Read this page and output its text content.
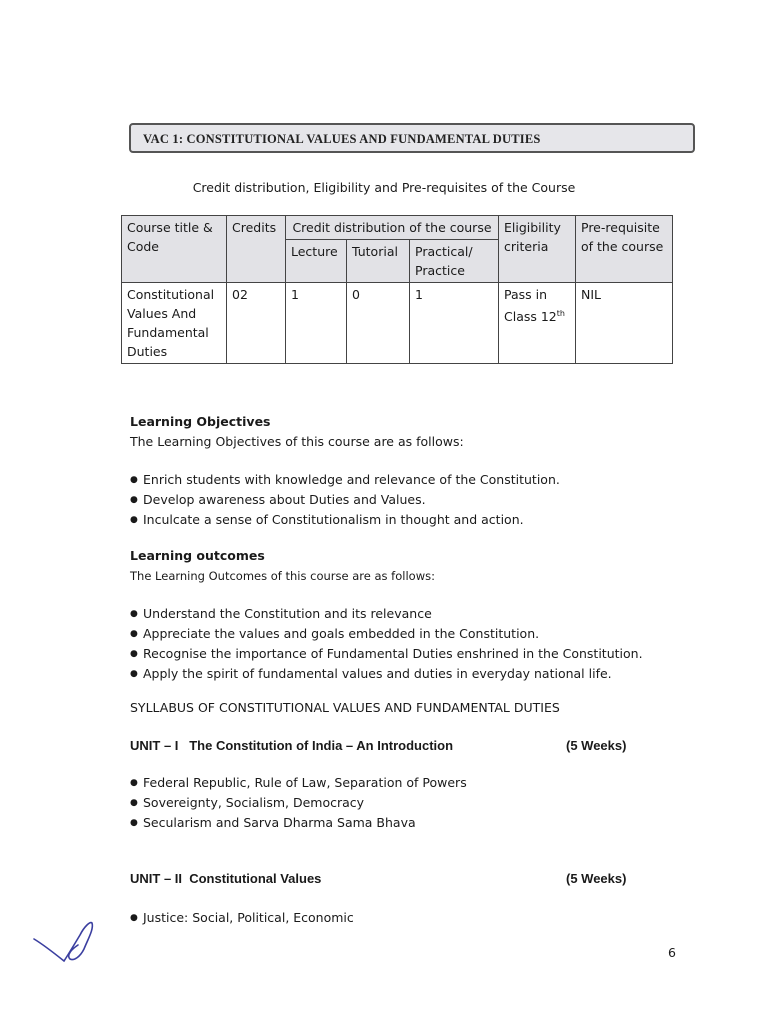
VAC 1: CONSTITUTIONAL VALUES AND FUNDAMENTAL DUTIES
Credit distribution, Eligibility and Pre-requisites of the Course
Course title & Code	Credits	Credit distribution of the course			Eligibility criteria	Pre-requisite of the course
		Lecture	Tutorial	Practical/ Practice		
Constitutional Values And Fundamental Duties	02	1	0	1	Pass in Class 12th	NIL
Learning Objectives
The Learning Objectives of this course are as follows:
● Enrich students with knowledge and relevance of the Constitution.
● Develop awareness about Duties and Values.
● Inculcate a sense of Constitutionalism in thought and action.
Learning outcomes
The Learning Outcomes of this course are as follows:
● Understand the Constitution and its relevance
● Appreciate the values and goals embedded in the Constitution.
● Recognise the importance of Fundamental Duties enshrined in the Constitution.
● Apply the spirit of fundamental values and duties in everyday national life.
SYLLABUS OF CONSTITUTIONAL VALUES AND FUNDAMENTAL DUTIES
UNIT – I   The Constitution of India – An Introduction	(5 Weeks)
● Federal Republic, Rule of Law, Separation of Powers
● Sovereignty, Socialism, Democracy
● Secularism and Sarva Dharma Sama Bhava
UNIT – II  Constitutional Values	(5 Weeks)
● Justice: Social, Political, Economic
6
